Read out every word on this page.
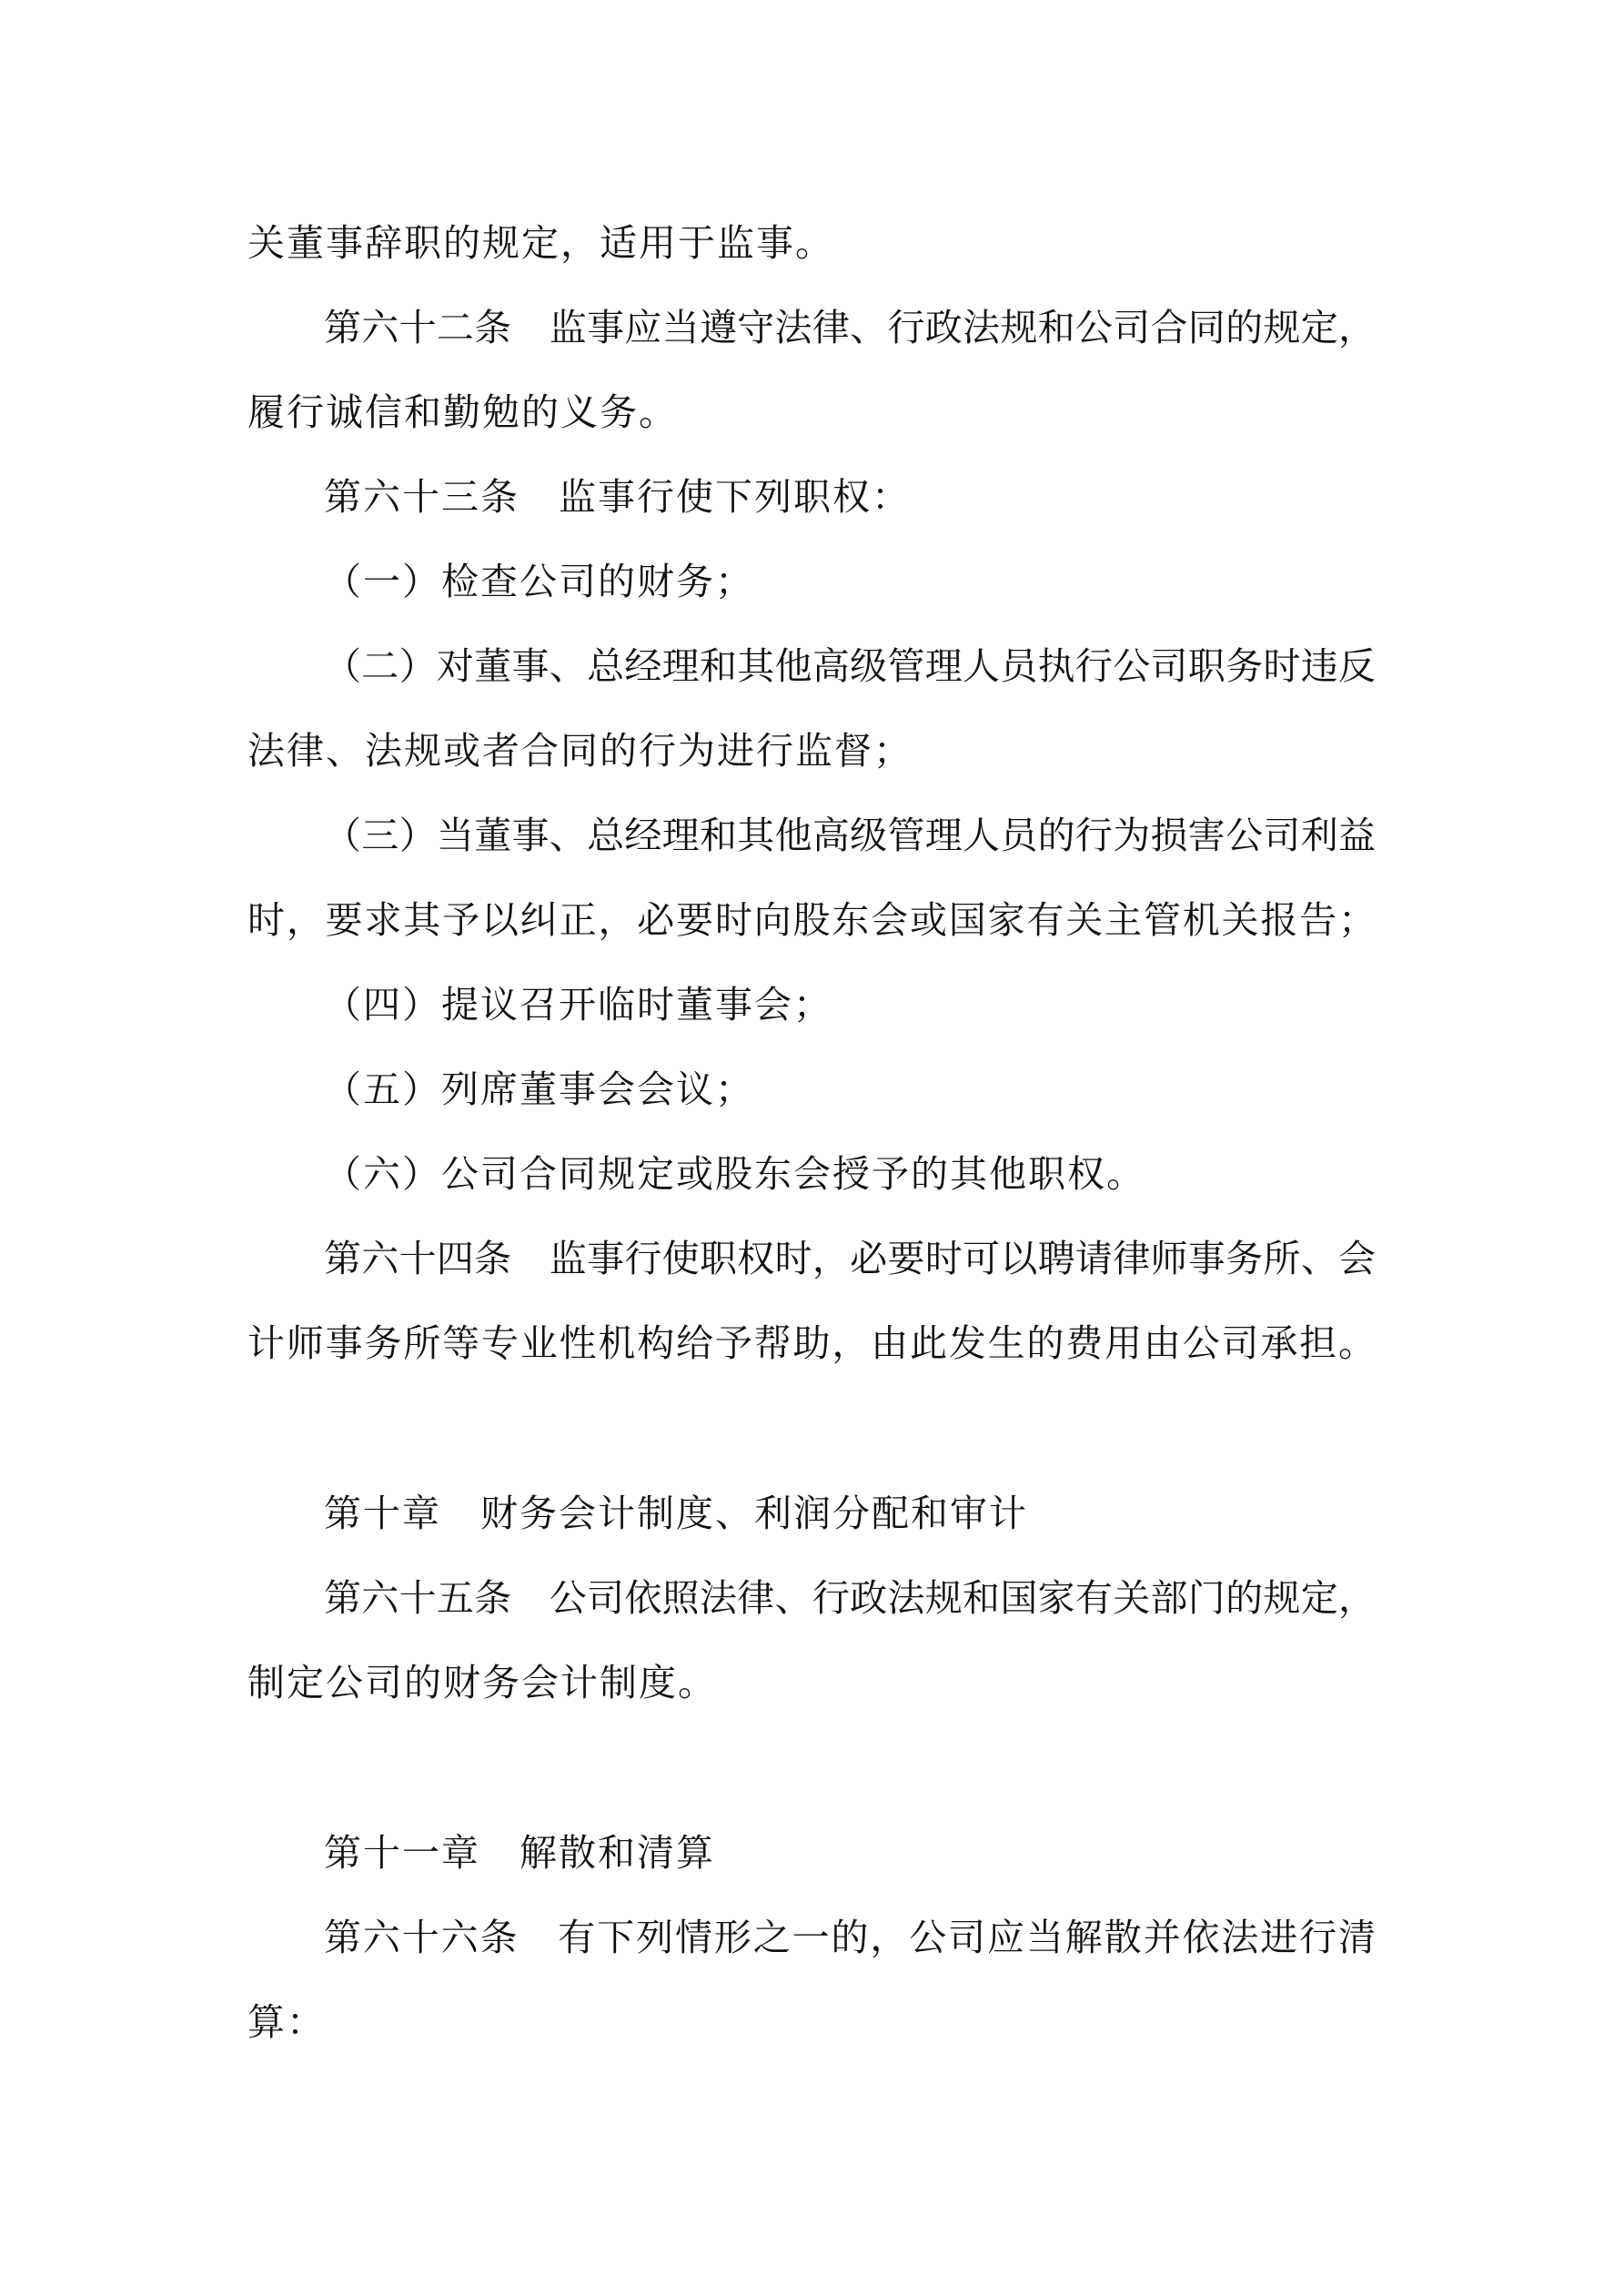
关董事辞职的规定，适用于监事。
第六十二条　监事应当遵守法律、行政法规和公司合同的规定，
履行诚信和勤勉的义务。
第六十三条　监事行使下列职权：
（一）检查公司的财务；
（二）对董事、总经理和其他高级管理人员执行公司职务时违反
法律、法规或者合同的行为进行监督；
（三）当董事、总经理和其他高级管理人员的行为损害公司利益
时，要求其予以纠正，必要时向股东会或国家有关主管机关报告；
（四）提议召开临时董事会；
（五）列席董事会会议；
（六）公司合同规定或股东会授予的其他职权。
第六十四条　监事行使职权时，必要时可以聘请律师事务所、会
计师事务所等专业性机构给予帮助，由此发生的费用由公司承担。
第十章　财务会计制度、利润分配和审计
第六十五条　公司依照法律、行政法规和国家有关部门的规定，
制定公司的财务会计制度。
第十一章　解散和清算
第六十六条　有下列情形之一的，公司应当解散并依法进行清
算：
